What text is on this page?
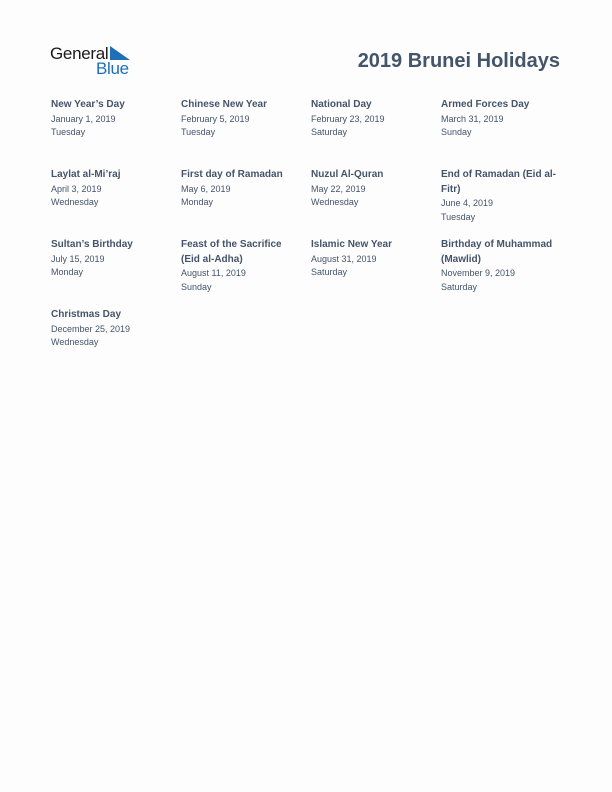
General
Blue	2019 Brunei Holidays
New Year’s Day
January 1, 2019
Tuesday
Chinese New Year
February 5, 2019
Tuesday
National Day
February 23, 2019
Saturday
Armed Forces Day
March 31, 2019
Sunday
Laylat al-Mi’raj
April 3, 2019
Wednesday
First day of Ramadan
May 6, 2019
Monday
Nuzul Al-Quran
May 22, 2019
Wednesday
End of Ramadan (Eid al-Fitr)
June 4, 2019
Tuesday
Sultan’s Birthday
July 15, 2019
Monday
Feast of the Sacrifice (Eid al-Adha)
August 11, 2019
Sunday
Islamic New Year
August 31, 2019
Saturday
Birthday of Muhammad (Mawlid)
November 9, 2019
Saturday
Christmas Day
December 25, 2019
Wednesday
